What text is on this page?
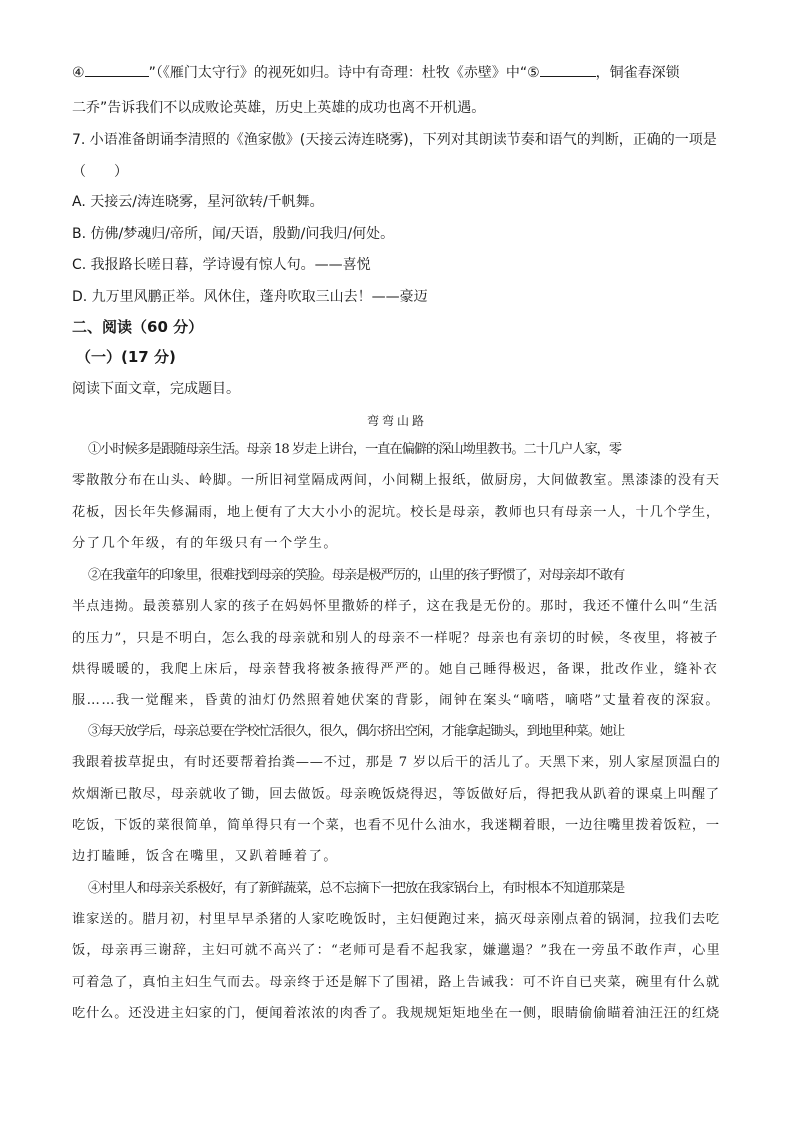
④	”（《雁门太守行》的视死如归。诗中有奇理：杜牧《赤壁》中“⑤	，铜雀春深锁
二乔”告诉我们不以成败论英雄，历史上英雄的成功也离不开机遇。
7. 小语准备朗诵李清照的《渔家傲》(天接云涛连晓雾)，下列对其朗读节奏和语气的判断，正确的一项是
（　　）
A. 天接云/涛连晓雾，星河欲转/千帆舞。
B. 仿佛/梦魂归/帝所，闻/天语，殷勤/问我归/何处。
C. 我报路长嗟日暮，学诗谩有惊人句。——喜悦
D. 九万里风鹏正举。风休住，蓬舟吹取三山去！——豪迈
二、阅读（60 分）
（一）(17 分)
阅读下面文章，完成题目。
弯弯山路
①小时候多是跟随母亲生活。母亲 18 岁走上讲台，一直在偏僻的深山坳里教书。二十几户人家，零
零散散分布在山头、岭脚。一所旧祠堂隔成两间，小间糊上报纸，做厨房，大间做教室。黑漆漆的没有天
花板，因长年失修漏雨，地上便有了大大小小的泥坑。校长是母亲，教师也只有母亲一人，十几个学生，
分了几个年级，有的年级只有一个学生。
②在我童年的印象里，很难找到母亲的笑脸。母亲是极严厉的，山里的孩子野惯了，对母亲却不敢有
半点违拗。最羡慕别人家的孩子在妈妈怀里撒娇的样子，这在我是无份的。那时，我还不懂什么叫“生活
的压力”，只是不明白，怎么我的母亲就和别人的母亲不一样呢？母亲也有亲切的时候，冬夜里，将被子
烘得暖暖的，我爬上床后，母亲替我将被条掖得严严的。她自己睡得极迟，备课，批改作业，缝补衣
服……我一觉醒来，昏黄的油灯仍然照着她伏案的背影，闹钟在案头“嘀嗒，嘀嗒”丈量着夜的深寂。
③每天放学后，母亲总要在学校忙活很久，很久，偶尔挤出空闲，才能拿起锄头，到地里种菜。她让
我跟着拔草捉虫，有时还要帮着抬粪——不过，那是 7 岁以后干的活儿了。天黑下来，别人家屋顶温白的
炊烟渐已散尽，母亲就收了锄，回去做饭。母亲晚饭烧得迟，等饭做好后，得把我从趴着的课桌上叫醒了
吃饭，下饭的菜很简单，简单得只有一个菜，也看不见什么油水，我迷糊着眼，一边往嘴里拨着饭粒，一
边打瞌睡，饭含在嘴里，又趴着睡着了。
④村里人和母亲关系极好，有了新鲜蔬菜，总不忘摘下一把放在我家锅台上，有时根本不知道那菜是
谁家送的。腊月初，村里早早杀猪的人家吃晚饭时，主妇便跑过来，搞灭母亲刚点着的锅洞，拉我们去吃
饭，母亲再三谢辞，主妇可就不高兴了：“老师可是看不起我家，嫌邋遢？”我在一旁虽不敢作声，心里
可着急了，真怕主妇生气而去。母亲终于还是解下了围裙，路上告诫我：可不许自已夹菜，碗里有什么就
吃什么。还没进主妇家的门，便闻着浓浓的肉香了。我规规矩矩地坐在一侧，眼睛偷偷瞄着油汪汪的红烧
